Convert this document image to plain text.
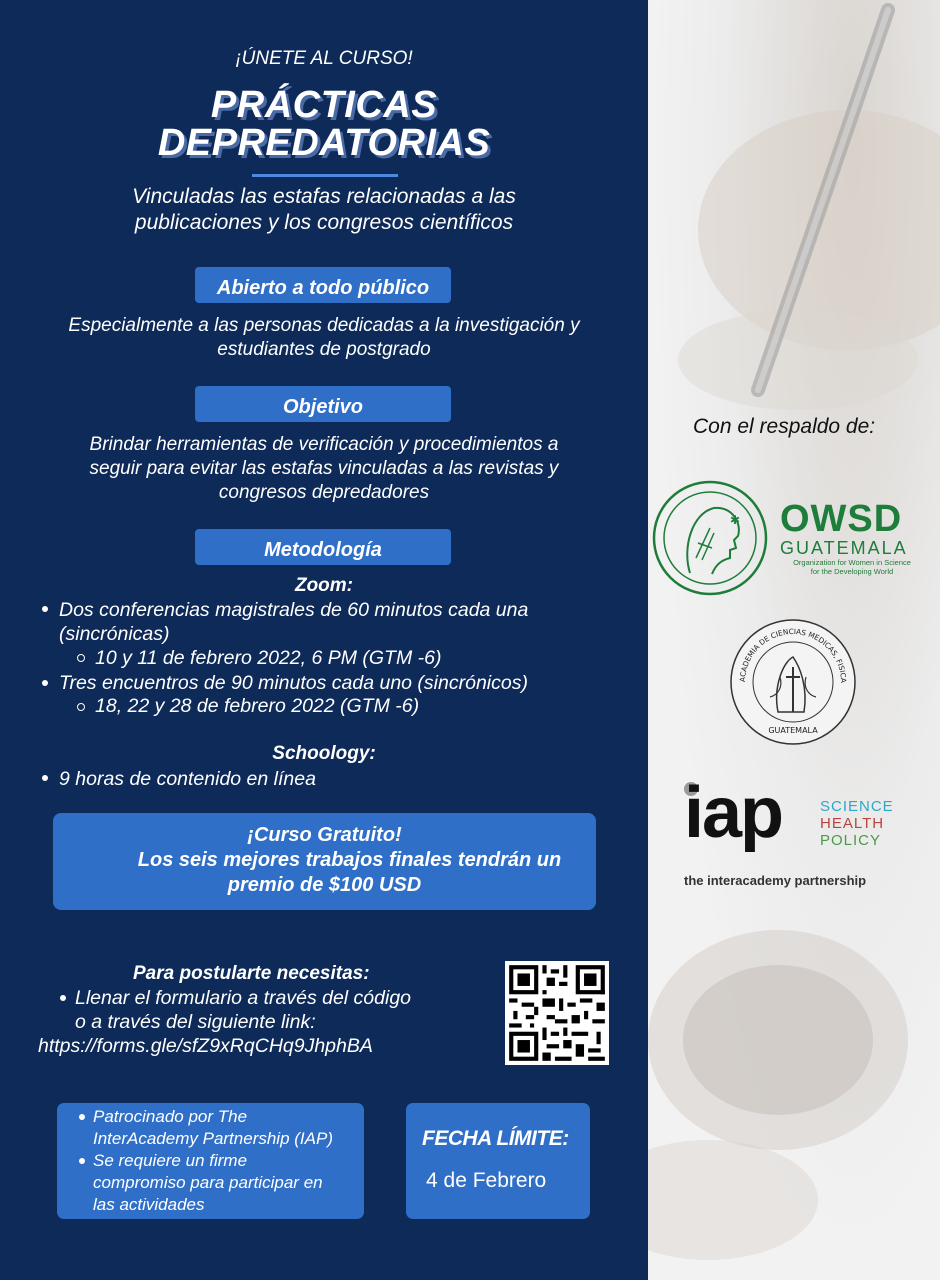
¡ÚNETE AL CURSO!
PRÁCTICAS
DEPREDATORIAS
Vinculadas las estafas relacionadas a las
publicaciones y los congresos científicos
Abierto a todo público
Especialmente a las personas dedicadas a la investigación y
estudiantes de postgrado
Objetivo
Brindar herramientas de verificación y procedimientos a
seguir para evitar las estafas vinculadas a las revistas y
congresos depredadores
Metodología
Zoom:
Dos conferencias magistrales de 60 minutos cada una
(sincrónicas)
10 y 11 de febrero 2022, 6 PM (GTM -6)
Tres encuentros de 90 minutos cada uno (sincrónicos)
18, 22 y 28 de febrero 2022 (GTM -6)
Schoology:
9 horas de contenido en línea
¡Curso Gratuito!
Los seis mejores trabajos finales tendrán un
premio de $100 USD
Para postularte necesitas:
Llenar el formulario a través del código
o a través del siguiente link:
https://forms.gle/sfZ9xRqCHq9JhphBA
Patrocinado por The
InterAcademy Partnership (IAP)
Se requiere un firme
compromiso para participar en
las actividades
FECHA LÍMITE:
4 de Febrero
Con el respaldo de:
✱ OWSD
GUATEMALA
Organization for Women in Science
for the Developing World
ACADEMIA DE CIENCIAS MEDICAS, FISICA
GUATEMALA
iap	SCIENCE
HEALTH
POLICY
the interacademy partnership
